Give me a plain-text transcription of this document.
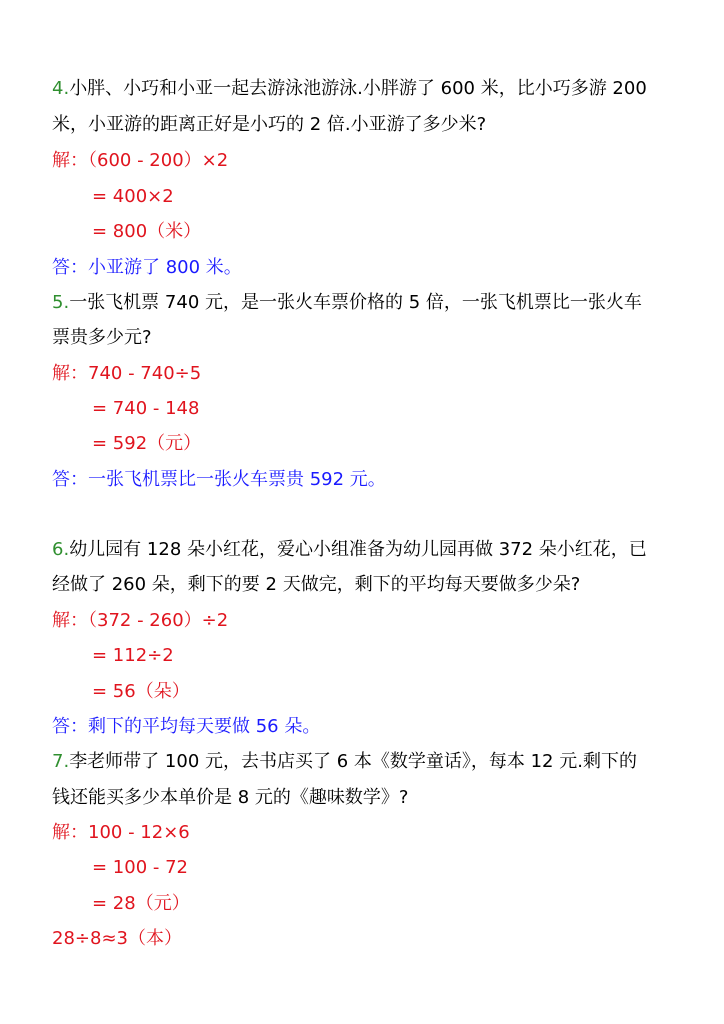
4.小胖、小巧和小亚一起去游泳池游泳.小胖游了 600 米，比小巧多游 200
米，小亚游的距离正好是小巧的 2 倍.小亚游了多少米?
解：（600 - 200）×2
= 400×2
= 800（米）
答：小亚游了 800 米。
5.一张飞机票 740 元，是一张火车票价格的 5 倍，一张飞机票比一张火车
票贵多少元?
解：740 - 740÷5
= 740 - 148
= 592（元）
答：一张飞机票比一张火车票贵 592 元。
6.幼儿园有 128 朵小红花，爱心小组准备为幼儿园再做 372 朵小红花，已
经做了 260 朵，剩下的要 2 天做完，剩下的平均每天要做多少朵?
解：（372 - 260）÷2
= 112÷2
= 56（朵）
答：剩下的平均每天要做 56 朵。
7.李老师带了 100 元，去书店买了 6 本《数学童话》，每本 12 元.剩下的
钱还能买多少本单价是 8 元的《趣味数学》?
解：100 - 12×6
= 100 - 72
= 28（元）
28÷8≈3（本）
